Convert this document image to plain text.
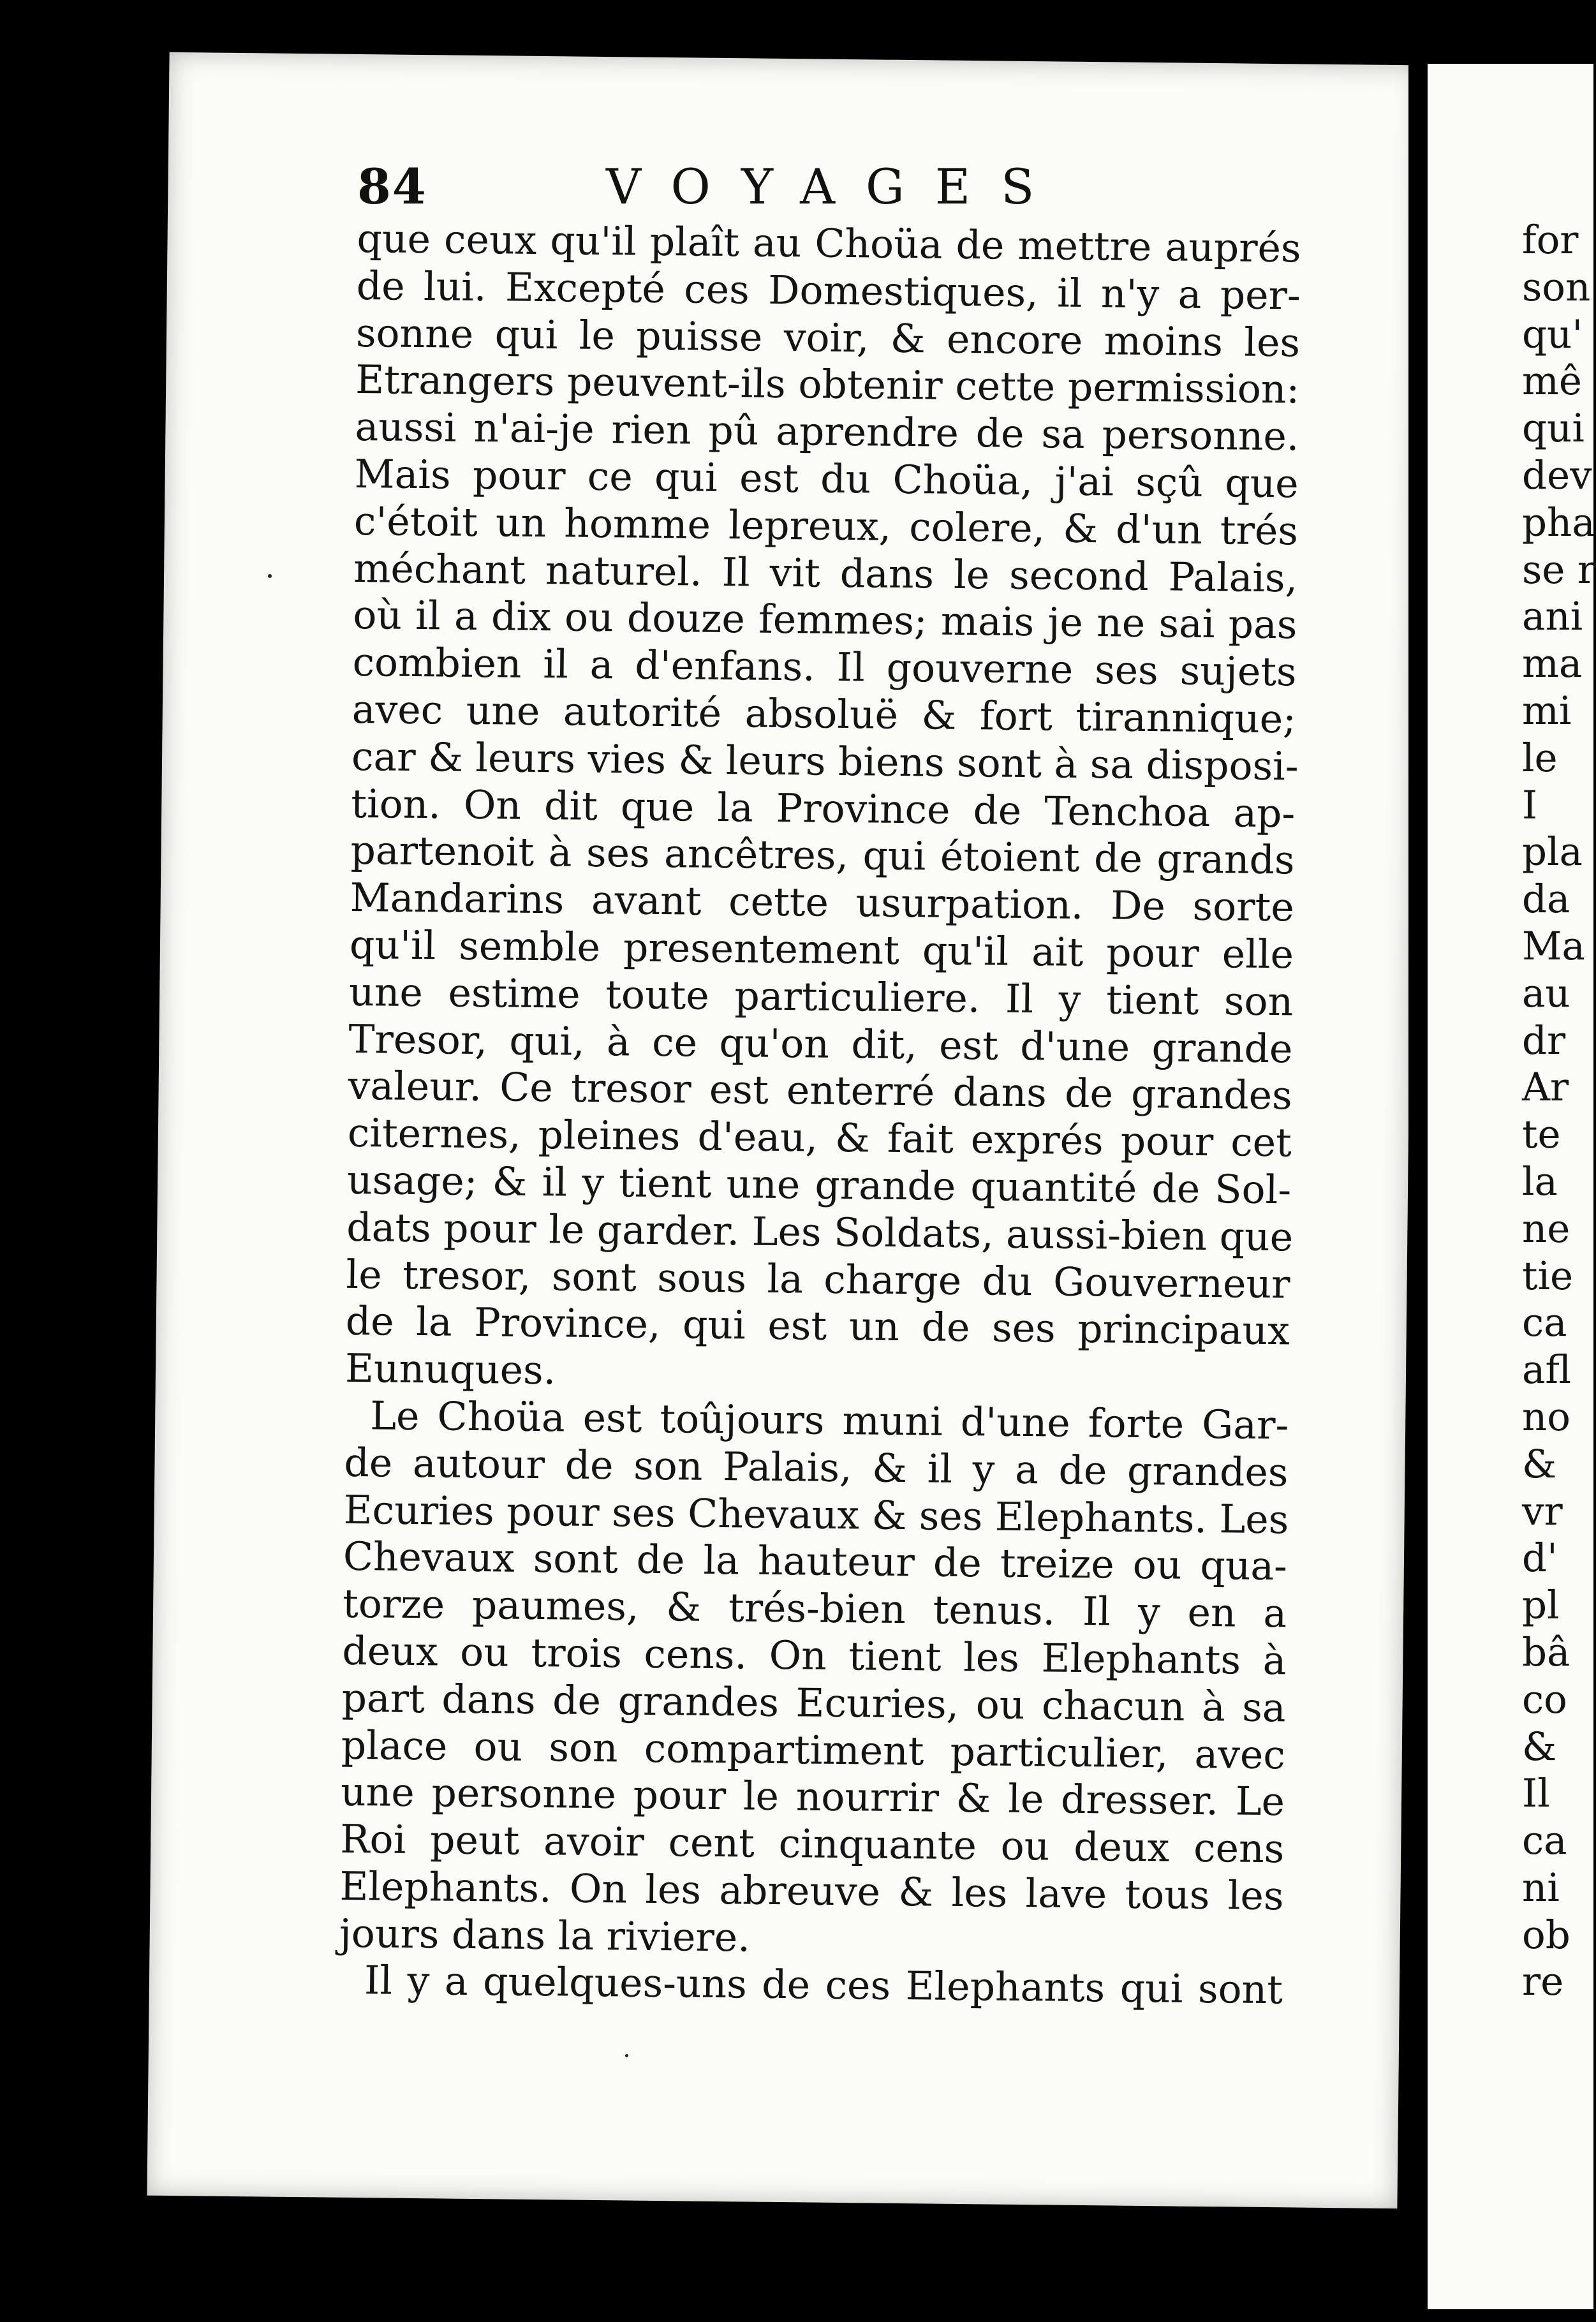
84	VOYAGES
que ceux qu'il plaît au Choüa de mettre auprés
de lui. Excepté ces Domestiques, il n'y a per-
sonne qui le puisse voir, & encore moins les
Etrangers peuvent-ils obtenir cette permission:
aussi n'ai-je rien pû aprendre de sa personne.
Mais pour ce qui est du Choüa, j'ai sçû que
c'étoit un homme lepreux, colere, & d'un trés
méchant naturel. Il vit dans le second Palais,
où il a dix ou douze femmes; mais je ne sai pas
combien il a d'enfans. Il gouverne ses sujets
avec une autorité absoluë & fort tirannique;
car & leurs vies & leurs biens sont à sa disposi-
tion. On dit que la Province de Tenchoa ap-
partenoit à ses ancêtres, qui étoient de grands
Mandarins avant cette usurpation. De sorte
qu'il semble presentement qu'il ait pour elle
une estime toute particuliere. Il y tient son
Tresor, qui, à ce qu'on dit, est d'une grande
valeur. Ce tresor est enterré dans de grandes
citernes, pleines d'eau, & fait exprés pour cet
usage; & il y tient une grande quantité de Sol-
dats pour le garder. Les Soldats, aussi-bien que
le tresor, sont sous la charge du Gouverneur
de la Province, qui est un de ses principaux
Eunuques.
Le Choüa est toûjours muni d'une forte Gar-
de autour de son Palais, & il y a de grandes
Ecuries pour ses Chevaux & ses Elephants. Les
Chevaux sont de la hauteur de treize ou qua-
torze paumes, & trés-bien tenus. Il y en a
deux ou trois cens. On tient les Elephants à
part dans de grandes Ecuries, ou chacun à sa
place ou son compartiment particulier, avec
une personne pour le nourrir & le dresser. Le
Roi peut avoir cent cinquante ou deux cens
Elephants. On les abreuve & les lave tous les
jours dans la riviere.
Il y a quelques-uns de ces Elephants qui sont
for
son
qu'
mê
qui
dev
pha
se r
ani
ma
mi
le
I
pla
da
Ma
au
dr
Ar
te
la
ne
tie
ca
afl
no
&
vr
d'
pl
bâ
co
&
Il
ca
ni
ob
re
